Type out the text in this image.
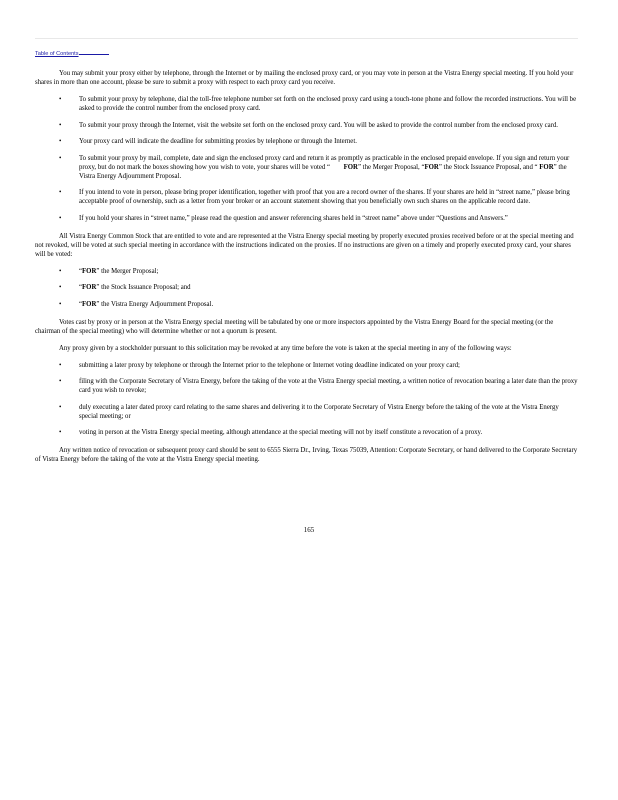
Table of Contents

You may submit your proxy either by telephone, through the Internet or by mailing the enclosed proxy card, or you may vote in person at the Vistra Energy special meeting. If you hold your shares in more than one account, please be sure to submit a proxy with respect to each proxy card you receive.

•	To submit your proxy by telephone, dial the toll-free telephone number set forth on the enclosed proxy card using a touch-tone phone and follow the recorded instructions. You will be asked to provide the control number from the enclosed proxy card.
•	To submit your proxy through the Internet, visit the website set forth on the enclosed proxy card. You will be asked to provide the control number from the enclosed proxy card.
•	Your proxy card will indicate the deadline for submitting proxies by telephone or through the Internet.
•	To submit your proxy by mail, complete, date and sign the enclosed proxy card and return it as promptly as practicable in the enclosed prepaid envelope. If you sign and return your proxy, but do not mark the boxes showing how you wish to vote, your shares will be voted “ FOR” the Merger Proposal, “FOR” the Stock Issuance Proposal, and “ FOR” the Vistra Energy Adjournment Proposal.
•	If you intend to vote in person, please bring proper identification, together with proof that you are a record owner of the shares. If your shares are held in “street name,” please bring acceptable proof of ownership, such as a letter from your broker or an account statement showing that you beneficially own such shares on the applicable record date.
•	If you hold your shares in “street name,” please read the question and answer referencing shares held in “street name” above under “Questions and Answers.”

All Vistra Energy Common Stock that are entitled to vote and are represented at the Vistra Energy special meeting by properly executed proxies received before or at the special meeting and not revoked, will be voted at such special meeting in accordance with the instructions indicated on the proxies. If no instructions are given on a timely and properly executed proxy card, your shares will be voted:

•	“FOR” the Merger Proposal;
•	“FOR” the Stock Issuance Proposal; and
•	“FOR” the Vistra Energy Adjournment Proposal.

Votes cast by proxy or in person at the Vistra Energy special meeting will be tabulated by one or more inspectors appointed by the Vistra Energy Board for the special meeting (or the chairman of the special meeting) who will determine whether or not a quorum is present.

Any proxy given by a stockholder pursuant to this solicitation may be revoked at any time before the vote is taken at the special meeting in any of the following ways:

•	submitting a later proxy by telephone or through the Internet prior to the telephone or Internet voting deadline indicated on your proxy card;
•	filing with the Corporate Secretary of Vistra Energy, before the taking of the vote at the Vistra Energy special meeting, a written notice of revocation bearing a later date than the proxy card you wish to revoke;
•	duly executing a later dated proxy card relating to the same shares and delivering it to the Corporate Secretary of Vistra Energy before the taking of the vote at the Vistra Energy special meeting; or
•	voting in person at the Vistra Energy special meeting, although attendance at the special meeting will not by itself constitute a revocation of a proxy.

Any written notice of revocation or subsequent proxy card should be sent to 6555 Sierra Dr., Irving, Texas 75039, Attention: Corporate Secretary, or hand delivered to the Corporate Secretary of Vistra Energy before the taking of the vote at the Vistra Energy special meeting.

165
